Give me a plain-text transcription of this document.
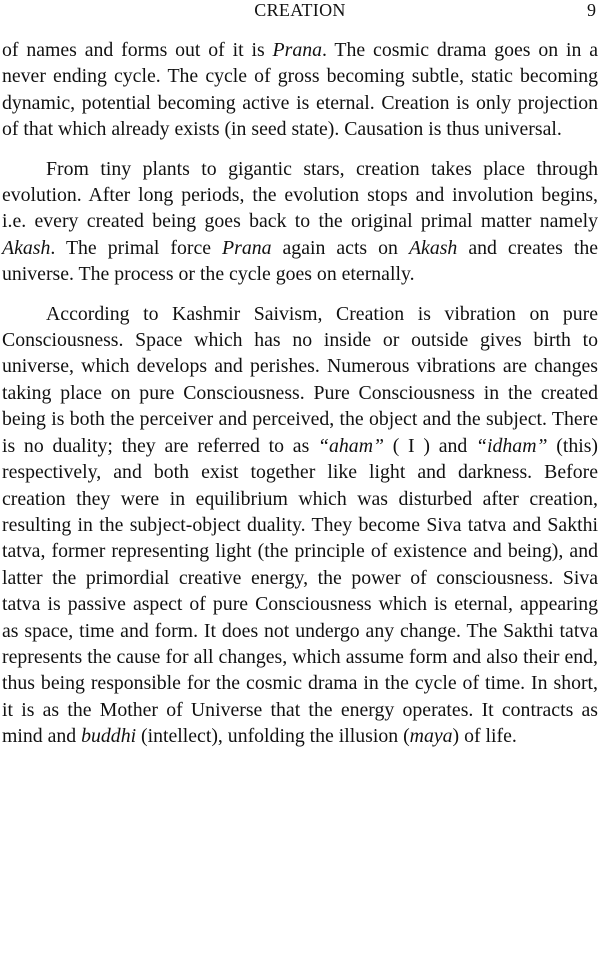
CREATION	9

of names and forms out of it is Prana. The cosmic drama goes on in a never ending cycle. The cycle of gross becoming subtle, static becoming dynamic, potential becoming active is eternal. Creation is only projection of that which already exists (in seed state). Causation is thus universal.

From tiny plants to gigantic stars, creation takes place through evolution. After long periods, the evolution stops and involution begins, i.e. every created being goes back to the original primal matter namely Akash. The primal force Prana again acts on Akash and creates the universe. The process or the cycle goes on eternally.

According to Kashmir Saivism, Creation is vibration on pure Consciousness. Space which has no inside or outside gives birth to universe, which develops and perishes. Numerous vibrations are changes taking place on pure Consciousness. Pure Consciousness in the created being is both the perceiver and perceived, the object and the subject. There is no duality; they are referred to as “aham” ( I ) and “idham” (this) respectively, and both exist together like light and darkness. Before creation they were in equilibrium which was disturbed after creation, resulting in the subject-object duality. They become Siva tatva and Sakthi tatva, former representing light (the principle of existence and being), and latter the primordial creative energy, the power of consciousness. Siva tatva is passive aspect of pure Consciousness which is eternal, appearing as space, time and form. It does not undergo any change. The Sakthi tatva represents the cause for all changes, which assume form and also their end, thus being responsible for the cosmic drama in the cycle of time. In short, it is as the Mother of Universe that the energy operates. It contracts as mind and buddhi (intellect), unfolding the illusion (maya) of life.
